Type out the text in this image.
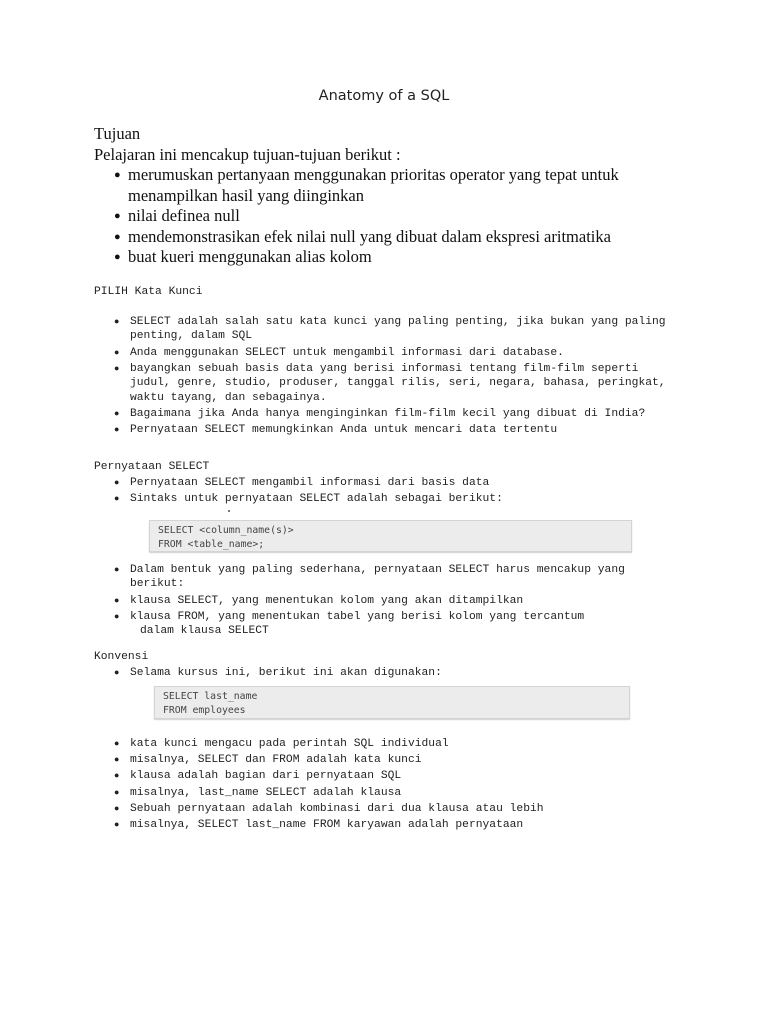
Anatomy of a SQL
Tujuan
Pelajaran ini mencakup tujuan-tujuan berikut :
● merumuskan pertanyaan menggunakan prioritas operator yang tepat untuk menampilkan hasil yang diinginkan
● nilai definea null
● mendemonstrasikan efek nilai null yang dibuat dalam ekspresi aritmatika
● buat kueri menggunakan alias kolom
PILIH Kata Kunci
● SELECT adalah salah satu kata kunci yang paling penting, jika bukan yang paling penting, dalam SQL
● Anda menggunakan SELECT untuk mengambil informasi dari database.
● bayangkan sebuah basis data yang berisi informasi tentang film-film seperti judul, genre, studio, produser, tanggal rilis, seri, negara, bahasa, peringkat, waktu tayang, dan sebagainya.
● Bagaimana jika Anda hanya menginginkan film-film kecil yang dibuat di India?
● Pernyataan SELECT memungkinkan Anda untuk mencari data tertentu
Pernyataan SELECT
● Pernyataan SELECT mengambil informasi dari basis data
● Sintaks untuk pernyataan SELECT adalah sebagai berikut:
SELECT <column_name(s)>
FROM <table_name>;
● Dalam bentuk yang paling sederhana, pernyataan SELECT harus mencakup yang berikut:
● klausa SELECT, yang menentukan kolom yang akan ditampilkan
● klausa FROM, yang menentukan tabel yang berisi kolom yang tercantum
dalam klausa SELECT
Konvensi
● Selama kursus ini, berikut ini akan digunakan:
SELECT last_name
FROM employees
● kata kunci mengacu pada perintah SQL individual
● misalnya, SELECT dan FROM adalah kata kunci
● klausa adalah bagian dari pernyataan SQL
● misalnya, last_name SELECT adalah klausa
● Sebuah pernyataan adalah kombinasi dari dua klausa atau lebih
● misalnya, SELECT last_name FROM karyawan adalah pernyataan
